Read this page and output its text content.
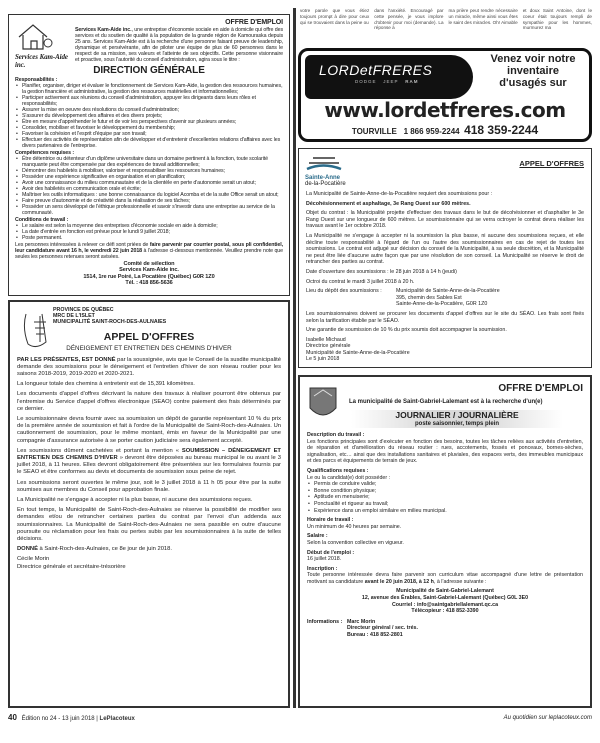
Services Kam-Aide inc.
OFFRE D'EMPLOI

Services Kam-Aide inc., une entreprise d'économie sociale en aide à domicile qui offre des services et du soutien de qualité à la population de la grande région de Kamouraska depuis 25 ans. Services Kam-Aide est à la recherche d'une personne faisant preuve de leadership, dynamique et persévérante, afin de piloter une équipe de plus de 60 personnes dans le respect de sa mission, ses valeurs et l'atteinte de ses objectifs. Cette personne visionnaire et proactive, sous l'autorité du conseil d'administration, agira sous le titre :

DIRECTION GÉNÉRALE
Responsabilités :
• Planifier, organiser, diriger et évaluer le fonctionnement de Services Kam-Aide, la gestion des ressources humaines, la gestion financière et administrative, la gestion des ressources matérielles et informationnelles;
• Participer activement aux réunions du conseil d'administration, appuyer les dirigeants dans leurs rôles et responsabilités;
• Assurer la mise en oeuvre des résolutions du conseil d'administration;
• S'assurer du développement des affaires et des divers projets;
• Être en mesure d'appréhender le futur et de voir les perspectives d'avenir sur plusieurs années;
• Consolider, mobiliser et favoriser le développement du membership;
• Favoriser la cohésion et l'esprit d'équipe par son travail;
• Effectuer des activités de représentation afin de développer et d'entretenir d'excellentes relations d'affaires avec les divers partenaires de l'entreprise.
Compétences requises :
• Être détentrice ou détenteur d'un diplôme universitaire dans un domaine pertinent à la fonction, toute scolarité manquante peut être compensée par des expériences de travail additionnelles;
• Démontrer des habiletés à mobiliser, valoriser et responsabiliser les ressources humaines;
• Posséder une expérience significative en organisation et en planification;
• Avoir une connaissance du milieu communautaire et de la clientèle en perte d'autonomie serait un atout;
• Avoir des habiletés en communication orale et écrite;
• Maîtriser les outils informatiques : une bonne connaissance du logiciel Acomba et de la suite Office serait un atout;
• Faire preuve d'autonomie et de créativité dans la réalisation de ses tâches;
• Posséder un sens développé de l'éthique professionnelle et savoir s'investir dans une entreprise au service de la communauté.
Conditions de travail :
• Le salaire est selon la moyenne des entreprises d'économie sociale en aide à domicile;
• La date d'entrée en fonction est prévue pour le lundi 9 juillet 2018;
• Poste permanent.

Les personnes intéressées à relever ce défi sont priées de faire parvenir par courrier postal, sous pli confidentiel, leur candidature avant 16 h, le vendredi 22 juin 2018 à l'adresse ci-dessous mentionnée. Veuillez prendre note que seules les personnes retenues seront avisées.

Comité de sélection
Services Kam-Aide inc.
1514, 1re rue Poiré, La Pocatière (Québec) G0R 1Z0
Tél. : 418 856-5636
PROVINCE DE QUÉBEC
MRC DE L'ISLET
MUNICIPALITÉ SAINT-ROCH-DES-AULNAIES
APPEL D'OFFRES
DÉNEIGEMENT ET ENTRETIEN DES CHEMINS D'HIVER

PAR LES PRÉSENTES, EST DONNÉ par la soussignée, avis que le Conseil de la susdite municipalité demande des soumissions pour le déneigement et l'entretien d'hiver de son réseau routier pour les saisons 2018-2019, 2019-2020 et 2020-2021.

La longueur totale des chemins à entretenir est de 15,391 kilomètres.

Les documents d'appel d'offres décrivant la nature des travaux à réaliser pourront être obtenus par l'entremise du Service d'appel d'offres électronique (SEAO) contre paiement des frais déterminés par ce dernier.

Le soumissionnaire devra fournir avec sa soumission un dépôt de garantie représentant 10 % du prix de la première année de soumission et fait à l'ordre de la Municipalité de Saint-Roch-des-Aulnaies. Un cautionnement de soumission, pour le même montant, émis en faveur de la Municipalité par une compagnie d'assurance autorisée à se porter caution judiciaire sera également accepté.

Les soumissions dûment cachetées et portant la mention « SOUMISSION – DÉNEIGEMENT ET ENTRETIEN DES CHEMINS D'HIVER » devront être déposées au bureau municipal le ou avant le 3 juillet 2018, à 11 heures. Elles devront obligatoirement être présentées sur les formulaires fournis par le SEAO et être conformes au devis et documents de soumission sous peine de rejet.

Les soumissions seront ouvertes le même jour, soit le 3 juillet 2018 à 11 h 05 pour être par la suite soumises aux membres du Conseil pour approbation finale.

La Municipalité ne s'engage à accepter ni la plus basse, ni aucune des soumissions reçues.

En tout temps, la Municipalité de Saint-Roch-des-Aulnaies se réserve la possibilité de modifier ses demandes et/ou de retrancher certaines parties du contrat par l'envoi d'un addenda aux soumissionnaires. La Municipalité de Saint-Roch-des-Aulnaies ne sera passible en outre d'aucune poursuite ou réclamation pour les frais ou pertes subis par les soumissionnaires à la suite de telles décisions.

DONNÉ à Saint-Roch-des-Aulnaies, ce 8e jour de juin 2018.

Cécile Morin
Directrice générale et secrétaire-trésorière
votre parole que vous étiez toujours prompt à dire pour ceux qui se trouvaient dans la peine ou
dans l'anxiété. Encouragé par cette pensée, je vous implore d'obtenir pour moi (demande). La réponse à
ma prière peut rendre nécessaire un miracle, même ainsi vous êtes le saint des miracles. Oh! Aimable
et doux Saint Antoine, dont le coeur était toujours rempli de sympathie pour les hommes, murmurez ma
LORDetFRERES
DODGE JEEP RAM
Venez voir notre
inventaire
d'usagés sur
www.lordetfreres.com
TOURVILLE 1 866 959-2244 418 359-2244
Sainte-Anne
de-la-Pocatière
APPEL D'OFFRES

La Municipalité de Sainte-Anne-de-la-Pocatière requiert des soumissions pour :

Décohésionnement et asphaltage, 3e Rang Ouest sur 600 mètres.

Objet du contrat : la Municipalité projette d'effectuer des travaux dans le but de décohésionner et d'asphalter le 3e Rang Ouest sur une longueur de 600 mètres. Le soumissionnaire qui se verra octroyer le contrat devra réaliser les travaux avant le 1er octobre 2018.

La Municipalité ne s'engage à accepter ni la soumission la plus basse, ni aucune des soumissions reçues, et elle décline toute responsabilité à l'égard de l'un ou l'autre des soumissionnaires en cas de rejet de toutes les soumissions. Le contrat est adjugé sur décision du conseil de la Municipalité, à sa seule discrétion, et la Municipalité ne peut être liée d'aucune autre façon que par une résolution de son conseil. La Municipalité se réserve le droit de retrancher des parties au contrat.

Date d'ouverture des soumissions : le 28 juin 2018 à 14 h (jeudi)

Octroi du contrat le mardi 3 juillet 2018 à 20 h.

Lieu du dépôt des soumissions :	Municipalité de Sainte-Anne-de-la-Pocatière
395, chemin des Sables Est
Sainte-Anne-de-la-Pocatière, G0R 1Z0

Les soumissionnaires doivent se procurer les documents d'appel d'offres sur le site du SÉAO. Les frais sont fixés selon la tarification établie par le SÉAO.

Une garantie de soumission de 10 % du prix soumis doit accompagner la soumission.

Isabelle Michaud
Directrice générale
Municipalité de Sainte-Anne-de-la-Pocatière
Le 5 juin 2018
OFFRE D'EMPLOI
La municipalité de Saint-Gabriel-Lalemant est à la recherche d'un(e)
JOURNALIER / JOURNALIÈRE
poste saisonnier, temps plein
Description du travail :

Les fonctions principales sont d'exécuter en fonction des besoins, toutes les tâches reliées aux activités d'entretien, de réparation et d'amélioration du réseau routier : rues, accotements, fossés et ponceaux, bornes-sèches, signalisation, etc… ainsi que des installations sanitaires et pluviales, des espaces verts, des immeubles municipaux et des parcs et équipements de terrain de jeux.

Qualifications requises :
Le ou la candidat(e) doit posséder :
• Permis de conduire valide;
• Bonne condition physique;
• Aptitude en menuiserie;
• Ponctualité et rigueur au travail;
• Expérience dans un emploi similaire en milieu municipal.
Horaire de travail :

Un minimum de 40 heures par semaine.

Salaire :

Selon la convention collective en vigueur.

Début de l'emploi :

16 juillet 2018.

Inscription :

Toute personne intéressée devra faire parvenir son curriculum vitae accompagné d'une lettre de présentation motivant sa candidature avant le 20 juin 2018, à 12 h, à l'adresse suivante :

Municipalité de Saint-Gabriel-Lalemant
12, avenue des Érables, Saint-Gabriel-Lalemant (Québec) G0L 3E0
Courriel : info@saintgabriellalemant.qc.ca
Télécopieur : 418 852-3390
Informations : Marc Morin
Directeur général / sec. trés.
Bureau : 418 852-2801
40 Édition no 24 - 13 juin 2018 | LePlacoteux	Au quotidien sur leplacoteux.com
